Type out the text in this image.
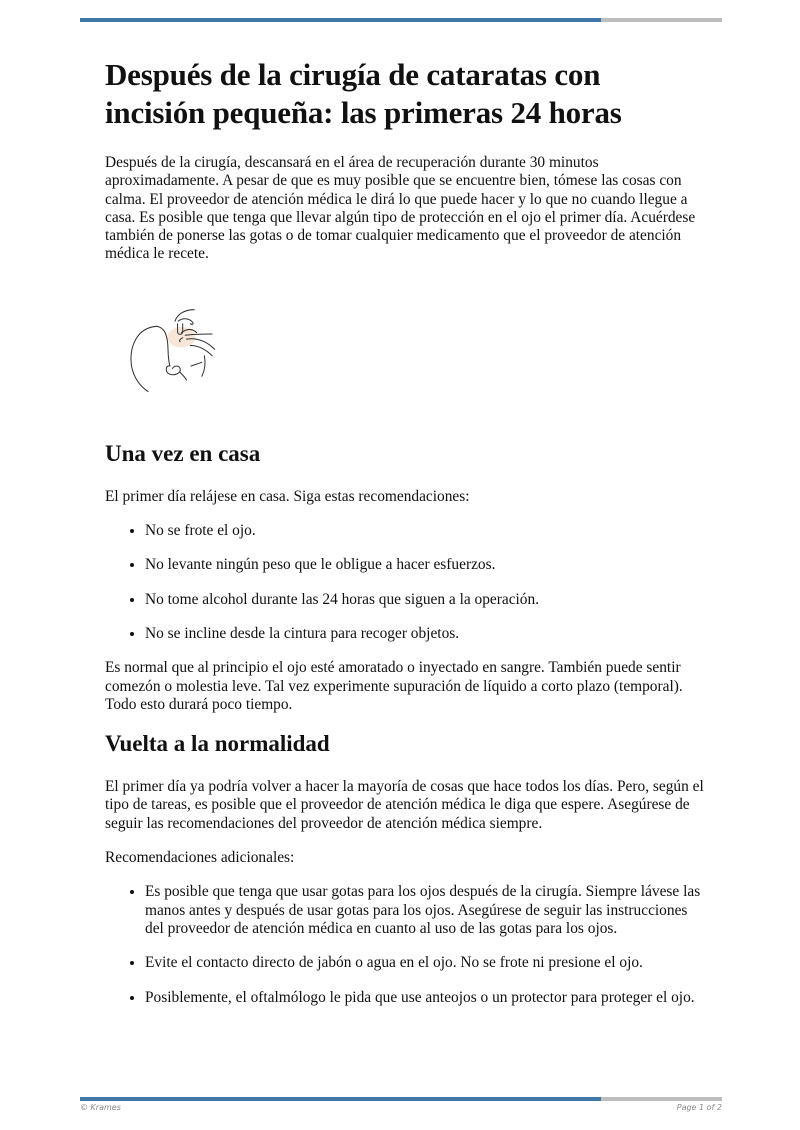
Después de la cirugía de cataratas con incisión pequeña: las primeras 24 horas

Después de la cirugía, descansará en el área de recuperación durante 30 minutos aproximadamente. A pesar de que es muy posible que se encuentre bien, tómese las cosas con calma. El proveedor de atención médica le dirá lo que puede hacer y lo que no cuando llegue a casa. Es posible que tenga que llevar algún tipo de protección en el ojo el primer día. Acuérdese también de ponerse las gotas o de tomar cualquier medicamento que el proveedor de atención médica le recete.

Una vez en casa

El primer día relájese en casa. Siga estas recomendaciones:

• No se frote el ojo.
• No levante ningún peso que le obligue a hacer esfuerzos.
• No tome alcohol durante las 24 horas que siguen a la operación.
• No se incline desde la cintura para recoger objetos.

Es normal que al principio el ojo esté amoratado o inyectado en sangre. También puede sentir comezón o molestia leve. Tal vez experimente supuración de líquido a corto plazo (temporal). Todo esto durará poco tiempo.

Vuelta a la normalidad

El primer día ya podría volver a hacer la mayoría de cosas que hace todos los días. Pero, según el tipo de tareas, es posible que el proveedor de atención médica le diga que espere. Asegúrese de seguir las recomendaciones del proveedor de atención médica siempre.

Recomendaciones adicionales:

• Es posible que tenga que usar gotas para los ojos después de la cirugía. Siempre lávese las manos antes y después de usar gotas para los ojos. Asegúrese de seguir las instrucciones del proveedor de atención médica en cuanto al uso de las gotas para los ojos.
• Evite el contacto directo de jabón o agua en el ojo. No se frote ni presione el ojo.
• Posiblemente, el oftalmólogo le pida que use anteojos o un protector para proteger el ojo.
© Krames	Page 1 of 2
